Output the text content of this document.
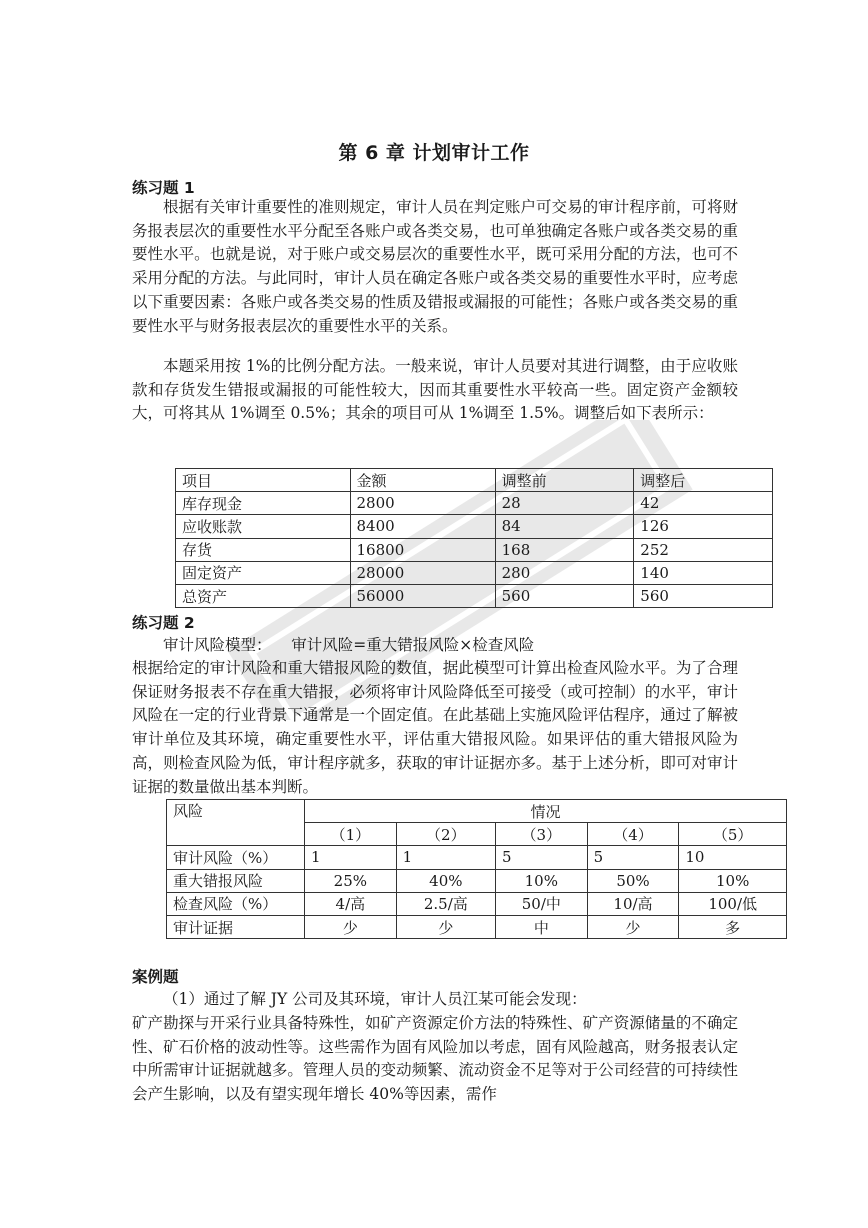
第 6 章 计划审计工作
练习题 1

根据有关审计重要性的准则规定，审计人员在判定账户可交易的审计程序前，可将财务报表层次的重要性水平分配至各账户或各类交易，也可单独确定各账户或各类交易的重要性水平。也就是说，对于账户或交易层次的重要性水平，既可采用分配的方法，也可不采用分配的方法。与此同时，审计人员在确定各账户或各类交易的重要性水平时，应考虑以下重要因素：各账户或各类交易的性质及错报或漏报的可能性；各账户或各类交易的重要性水平与财务报表层次的重要性水平的关系。

本题采用按 1%的比例分配方法。一般来说，审计人员要对其进行调整，由于应收账款和存货发生错报或漏报的可能性较大，因而其重要性水平较高一些。固定资产金额较大，可将其从 1%调至 0.5%；其余的项目可从 1%调至 1.5%。调整后如下表所示：

项目	金额	调整前	调整后
库存现金	2800	28	42
应收账款	8400	84	126
存货	16800	168	252
固定资产	28000	280	140
总资产	56000	560	560
练习题 2
审计风险模型： 审计风险=重大错报风险×检查风险

根据给定的审计风险和重大错报风险的数值，据此模型可计算出检查风险水平。为了合理保证财务报表不存在重大错报，必须将审计风险降低至可接受（或可控制）的水平，审计风险在一定的行业背景下通常是一个固定值。在此基础上实施风险评估程序，通过了解被审计单位及其环境，确定重要性水平，评估重大错报风险。如果评估的重大错报风险为高，则检查风险为低，审计程序就多，获取的审计证据亦多。基于上述分析，即可对审计证据的数量做出基本判断。

风险	情况				
	（1）	（2）	（3）	（4）	（5）
审计风险（%）	1	1	5	5	10
重大错报风险	25%	40%	10%	50%	10%
检查风险（%）	4/高	2.5/高	50/中	10/高	100/低
审计证据	少	少	中	少	多
案例题

（1）通过了解 JY 公司及其环境，审计人员江某可能会发现：

矿产勘探与开采行业具备特殊性，如矿产资源定价方法的特殊性、矿产资源储量的不确定性、矿石价格的波动性等。这些需作为固有风险加以考虑，固有风险越高，财务报表认定中所需审计证据就越多。管理人员的变动频繁、流动资金不足等对于公司经营的可持续性会产生影响，以及有望实现年增长 40%等因素，需作
